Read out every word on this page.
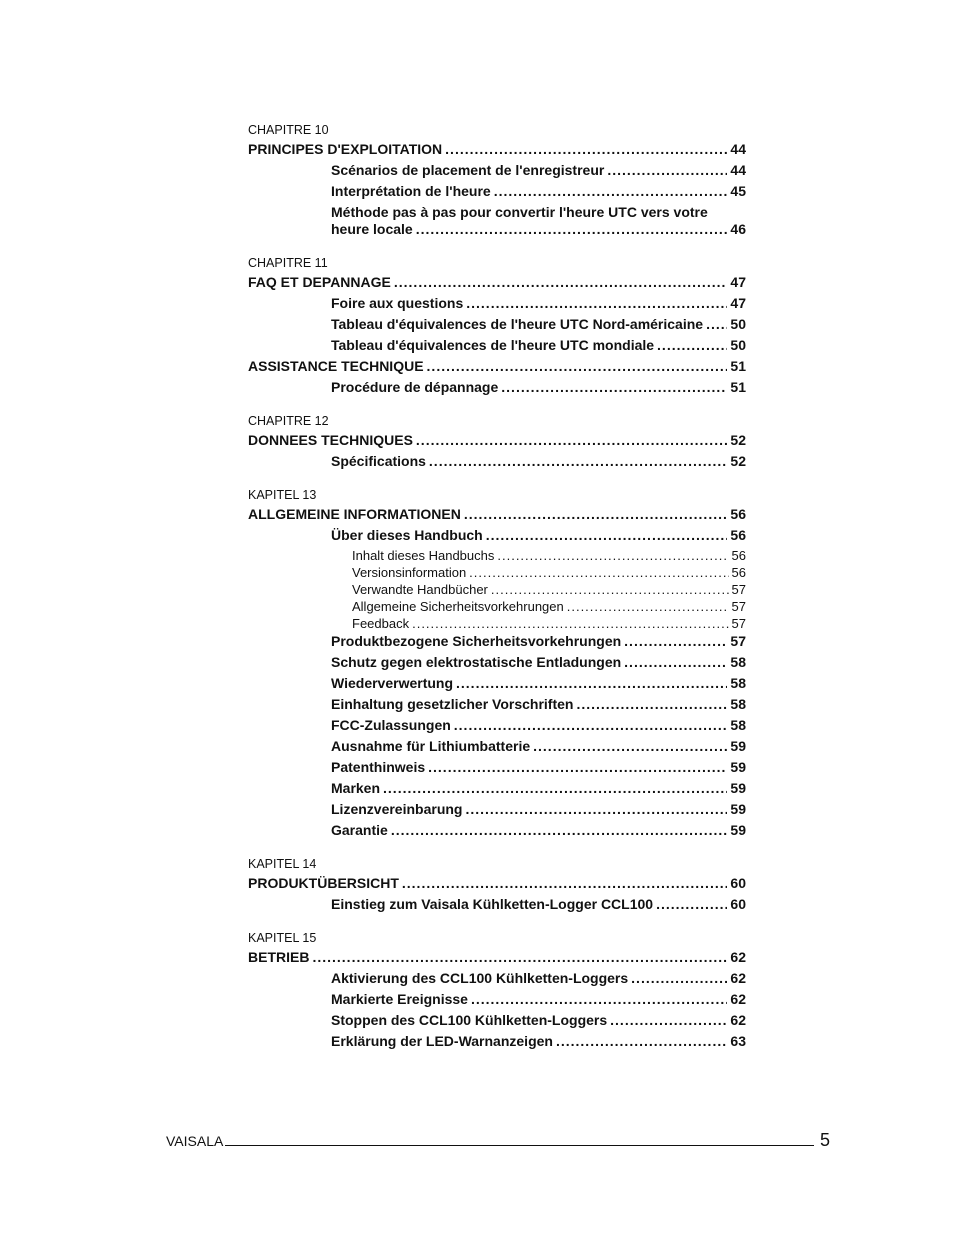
CHAPITRE 10
PRINCIPES D'EXPLOITATION .....	44
Scénarios de placement de l'enregistreur .....	44
Interprétation de l'heure .....	45
Méthode pas à pas pour convertir l'heure UTC vers votre
heure locale .....	46
CHAPITRE 11
FAQ ET DEPANNAGE .....	47
Foire aux questions .....	47
Tableau d'équivalences de l'heure UTC Nord-américaine ..... 50
Tableau d'équivalences de l'heure UTC mondiale .....	50
ASSISTANCE TECHNIQUE .....	51
Procédure de dépannage .....	51
CHAPITRE 12
DONNEES TECHNIQUES .....	52
Spécifications .....	52
KAPITEL 13
ALLGEMEINE INFORMATIONEN .....	56
Über dieses Handbuch .....	56
Inhalt dieses Handbuchs .....	56
Versionsinformation .....	56
Verwandte Handbücher .....	57
Allgemeine Sicherheitsvorkehrungen .....	57
Feedback .....	57
Produktbezogene Sicherheitsvorkehrungen .....	57
Schutz gegen elektrostatische Entladungen .....	58
Wiederverwertung .....	58
Einhaltung gesetzlicher Vorschriften .....	58
FCC-Zulassungen .....	58
Ausnahme für Lithiumbatterie .....	59
Patenthinweis .....	59
Marken .....	59
Lizenzvereinbarung .....	59
Garantie .....	59
KAPITEL 14
PRODUKTÜBERSICHT .....	60
Einstieg zum Vaisala Kühlketten-Logger CCL100 .....	60
KAPITEL 15
BETRIEB .....	62
Aktivierung des CCL100 Kühlketten-Loggers .....	62
Markierte Ereignisse .....	62
Stoppen des CCL100 Kühlketten-Loggers .....	62
Erklärung der LED-Warnanzeigen .....	63
VAISALA	5
